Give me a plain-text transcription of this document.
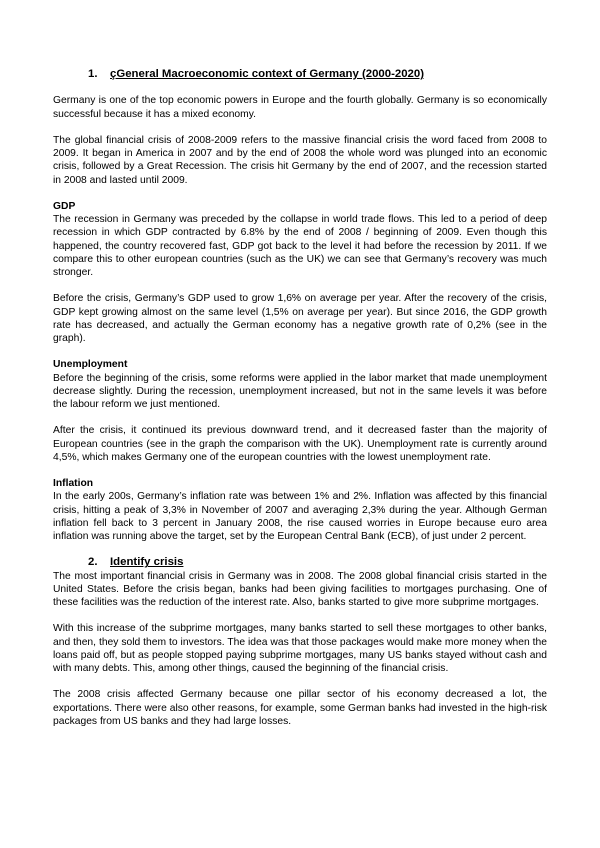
1. çGeneral Macroeconomic context of Germany (2000-2020)

Germany is one of the top economic powers in Europe and the fourth globally. Germany is so economically successful because it has a mixed economy.

The global financial crisis of 2008-2009 refers to the massive financial crisis the word faced from 2008 to 2009. It began in America in 2007 and by the end of 2008 the whole word was plunged into an economic crisis, followed by a Great Recession. The crisis hit Germany by the end of 2007, and the recession started in 2008 and lasted until 2009.

GDP

The recession in Germany was preceded by the collapse in world trade flows. This led to a period of deep recession in which GDP contracted by 6.8% by the end of 2008 / beginning of 2009. Even though this happened, the country recovered fast, GDP got back to the level it had before the recession by 2011. If we compare this to other european countries (such as the UK) we can see that Germany’s recovery was much stronger.

Before the crisis, Germany’s GDP used to grow 1,6% on average per year. After the recovery of the crisis, GDP kept growing almost on the same level (1,5% on average per year). But since 2016, the GDP growth rate has decreased, and actually the German economy has a negative growth rate of 0,2% (see in the graph).

Unemployment

Before the beginning of the crisis, some reforms were applied in the labor market that made unemployment decrease slightly. During the recession, unemployment increased, but not in the same levels it was before the labour reform we just mentioned.

After the crisis, it continued its previous downward trend, and it decreased faster than the majority of European countries (see in the graph the comparison with the UK). Unemployment rate is currently around 4,5%, which makes Germany one of the european countries with the lowest unemployment rate.

Inflation

In the early 200s, Germany’s inflation rate was between 1% and 2%. Inflation was affected by this financial crisis, hitting a peak of 3,3% in November of 2007 and averaging 2,3% during the year. Although German inflation fell back to 3 percent in January 2008, the rise caused worries in Europe because euro area inflation was running above the target, set by the European Central Bank (ECB), of just under 2 percent.

2. Identify crisis

The most important financial crisis in Germany was in 2008. The 2008 global financial crisis started in the United States. Before the crisis began, banks had been giving facilities to mortgages purchasing. One of these facilities was the reduction of the interest rate. Also, banks started to give more subprime mortgages.

With this increase of the subprime mortgages, many banks started to sell these mortgages to other banks, and then, they sold them to investors. The idea was that those packages would make more money when the loans paid off, but as people stopped paying subprime mortgages, many US banks stayed without cash and with many debts. This, among other things, caused the beginning of the financial crisis.

The 2008 crisis affected Germany because one pillar sector of his economy decreased a lot, the exportations. There were also other reasons, for example, some German banks had invested in the high-risk packages from US banks and they had large losses.
